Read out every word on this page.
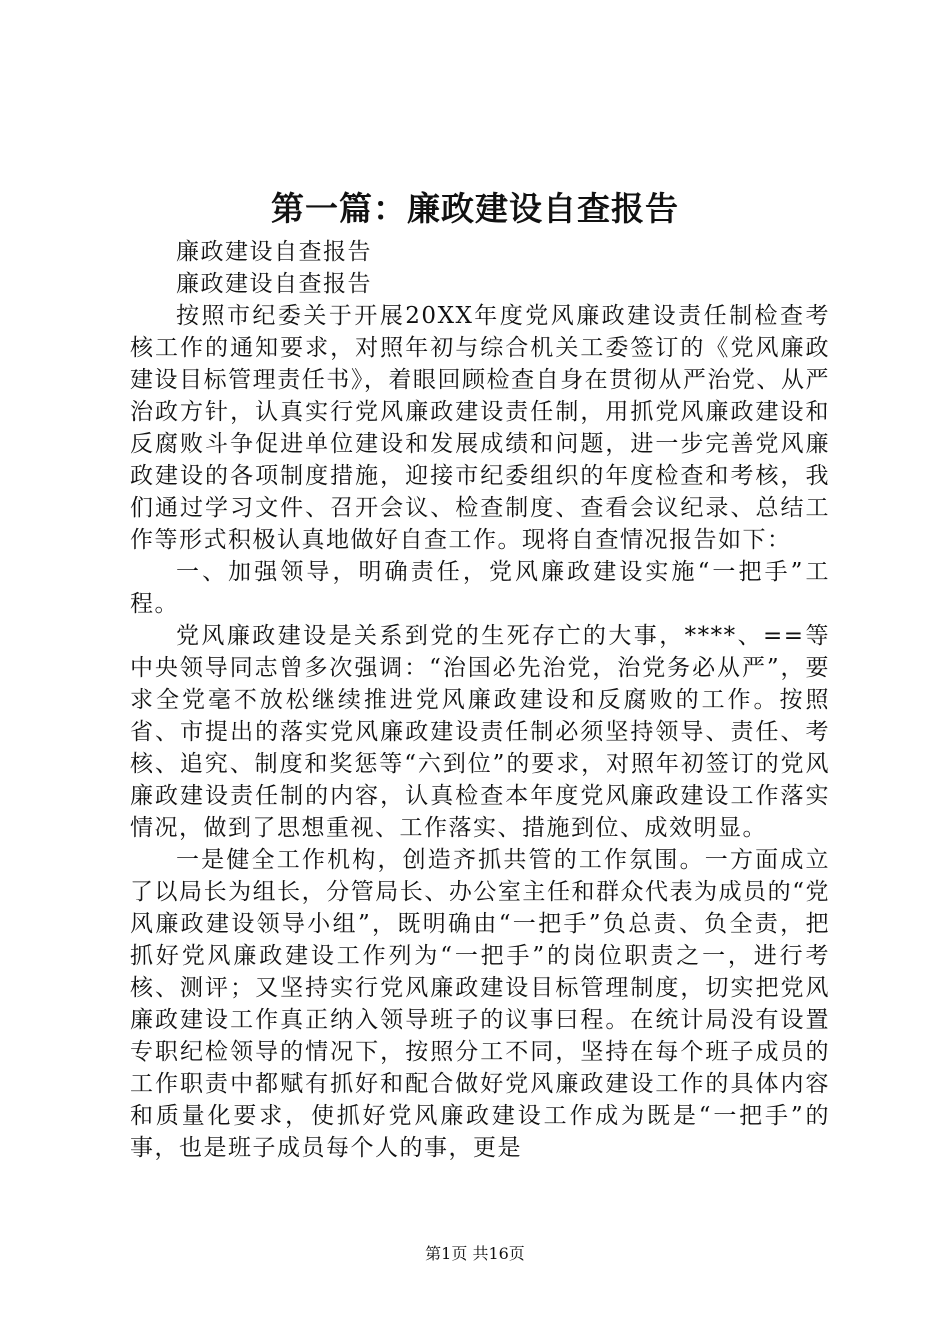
第一篇：廉政建设自查报告

廉政建设自查报告

廉政建设自查报告

按照市纪委关于开展20XX年度党风廉政建设责任制检查考核工作的通知要求，对照年初与综合机关工委签订的《党风廉政建设目标管理责任书》，着眼回顾检查自身在贯彻从严治党、从严治政方针，认真实行党风廉政建设责任制，用抓党风廉政建设和反腐败斗争促进单位建设和发展成绩和问题，进一步完善党风廉政建设的各项制度措施，迎接市纪委组织的年度检查和考核，我们通过学习文件、召开会议、检查制度、查看会议纪录、总结工作等形式积极认真地做好自查工作。现将自查情况报告如下：

一、加强领导，明确责任，党风廉政建设实施“一把手”工程。

党风廉政建设是关系到党的生死存亡的大事，****、==等中央领导同志曾多次强调：“治国必先治党，治党务必从严”，要求全党毫不放松继续推进党风廉政建设和反腐败的工作。按照省、市提出的落实党风廉政建设责任制必须坚持领导、责任、考核、追究、制度和奖惩等“六到位”的要求，对照年初签订的党风廉政建设责任制的内容，认真检查本年度党风廉政建设工作落实情况，做到了思想重视、工作落实、措施到位、成效明显。

一是健全工作机构，创造齐抓共管的工作氛围。一方面成立了以局长为组长，分管局长、办公室主任和群众代表为成员的“党风廉政建设领导小组”，既明确由“一把手”负总责、负全责，把抓好党风廉政建设工作列为“一把手”的岗位职责之一，进行考核、测评；又坚持实行党风廉政建设目标管理制度，切实把党风廉政建设工作真正纳入领导班子的议事曰程。在统计局没有设置专职纪检领导的情况下，按照分工不同，坚持在每个班子成员的工作职责中都赋有抓好和配合做好党风廉政建设工作的具体内容和质量化要求，使抓好党风廉政建设工作成为既是“一把手”的事，也是班子成员每个人的事，更是

第1页 共16页
